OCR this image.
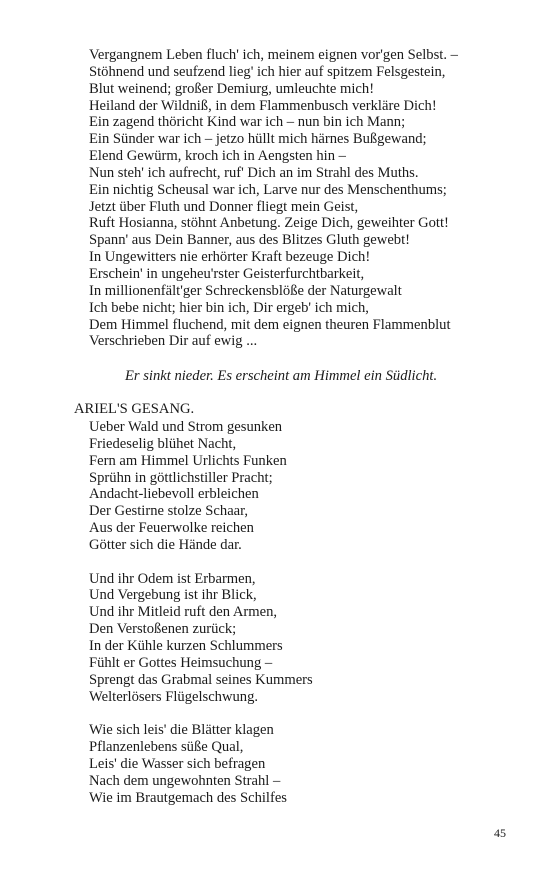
Vergangnem Leben fluch' ich, meinem eignen vor'gen Selbst. –
Stöhnend und seufzend lieg' ich hier auf spitzem Felsgestein,
Blut weinend; großer Demiurg, umleuchte mich!
Heiland der Wildniß, in dem Flammenbusch verkläre Dich!
Ein zagend thöricht Kind war ich – nun bin ich Mann;
Ein Sünder war ich – jetzo hüllt mich härnes Bußgewand;
Elend Gewürm, kroch ich in Aengsten hin –
Nun steh' ich aufrecht, ruf' Dich an im Strahl des Muths.
Ein nichtig Scheusal war ich, Larve nur des Menschenthums;
Jetzt über Fluth und Donner fliegt mein Geist,
Ruft Hosianna, stöhnt Anbetung. Zeige Dich, geweihter Gott!
Spann' aus Dein Banner, aus des Blitzes Gluth gewebt!
In Ungewitters nie erhörter Kraft bezeuge Dich!
Erschein' in ungeheu'rster Geisterfurchtbarkeit,
In millionenfält'ger Schreckensblöße der Naturgewalt
Ich bebe nicht; hier bin ich, Dir ergeb' ich mich,
Dem Himmel fluchend, mit dem eignen theuren Flammenblut
Verschrieben Dir auf ewig ...
Er sinkt nieder. Es erscheint am Himmel ein Südlicht.
ARIEL'S GESANG.
Ueber Wald und Strom gesunken
Friedeselig blühet Nacht,
Fern am Himmel Urlichts Funken
Sprühn in göttlichstiller Pracht;
Andacht-liebevoll erbleichen
Der Gestirne stolze Schaar,
Aus der Feuerwolke reichen
Götter sich die Hände dar.
Und ihr Odem ist Erbarmen,
Und Vergebung ist ihr Blick,
Und ihr Mitleid ruft den Armen,
Den Verstoßenen zurück;
In der Kühle kurzen Schlummers
Fühlt er Gottes Heimsuchung –
Sprengt das Grabmal seines Kummers
Welterlösers Flügelschwung.
Wie sich leis' die Blätter klagen
Pflanzenlebens süße Qual,
Leis' die Wasser sich befragen
Nach dem ungewohnten Strahl –
Wie im Brautgemach des Schilfes
45
